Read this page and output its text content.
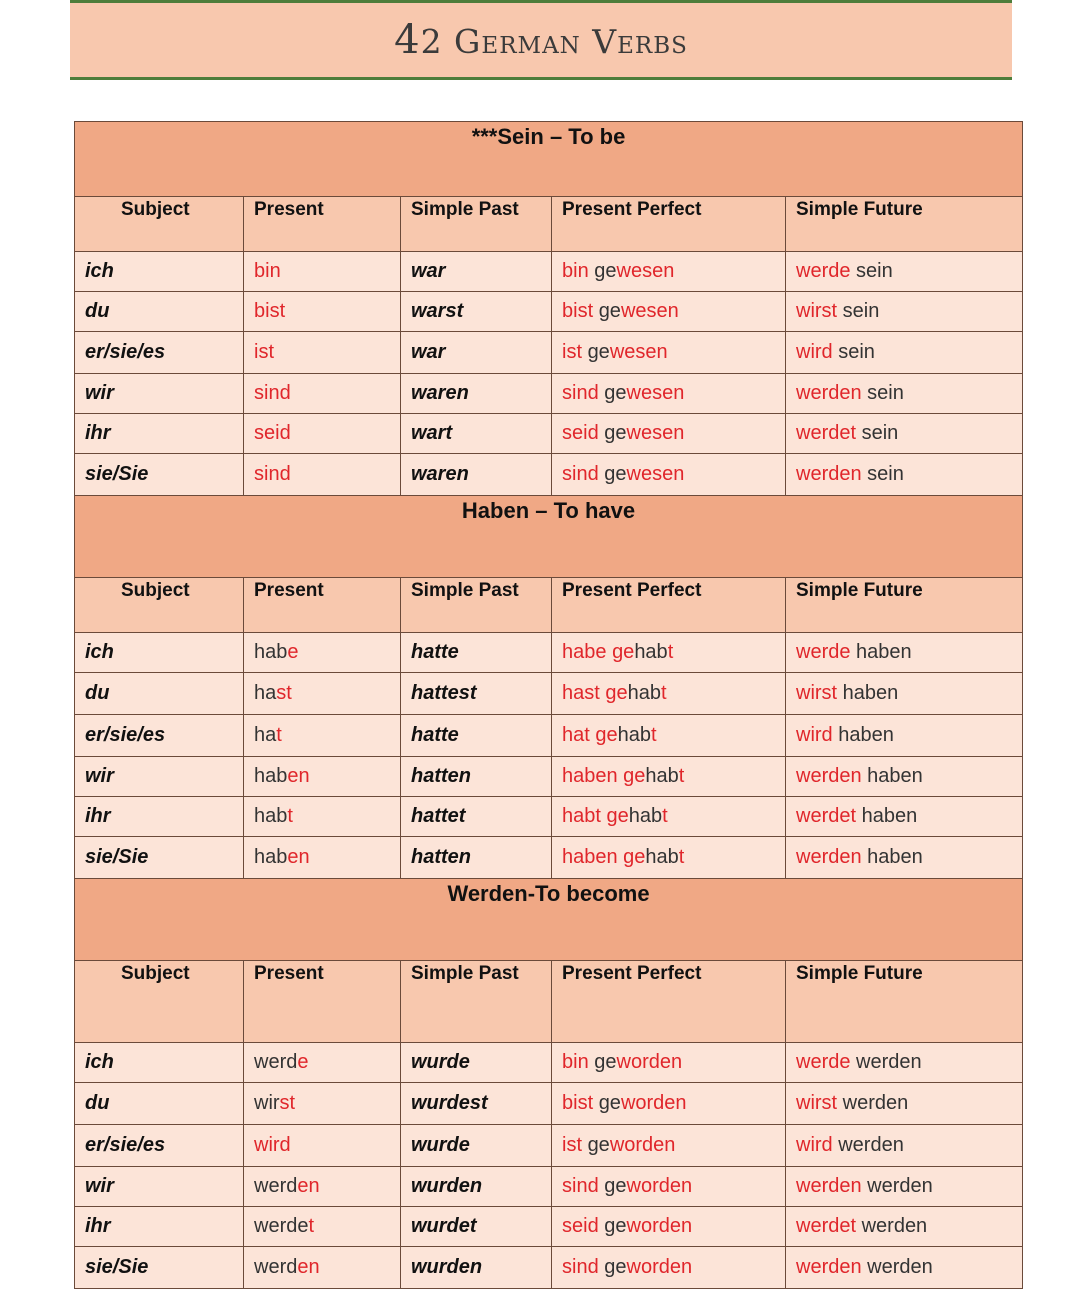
42 German Verbs
***Sein – To be				
Subject	Present	Simple Past	Present Perfect	Simple Future
ich	bin	war	bin gewesen	werde sein
du	bist	warst	bist gewesen	wirst sein
er/sie/es	ist	war	ist gewesen	wird sein
wir	sind	waren	sind gewesen	werden sein
ihr	seid	wart	seid gewesen	werdet sein
sie/Sie	sind	waren	sind gewesen	werden sein
Haben – To have				
Subject	Present	Simple Past	Present Perfect	Simple Future
ich	habe	hatte	habe gehabt	werde haben
du	hast	hattest	hast gehabt	wirst haben
er/sie/es	hat	hatte	hat gehabt	wird haben
wir	haben	hatten	haben gehabt	werden haben
ihr	habt	hattet	habt gehabt	werdet haben
sie/Sie	haben	hatten	haben gehabt	werden haben
Werden-To become				
Subject	Present	Simple Past	Present Perfect	Simple Future
ich	werde	wurde	bin geworden	werde werden
du	wirst	wurdest	bist geworden	wirst werden
er/sie/es	wird	wurde	ist geworden	wird werden
wir	werden	wurden	sind geworden	werden werden
ihr	werdet	wurdet	seid geworden	werdet werden
sie/Sie	werden	wurden	sind geworden	werden werden
